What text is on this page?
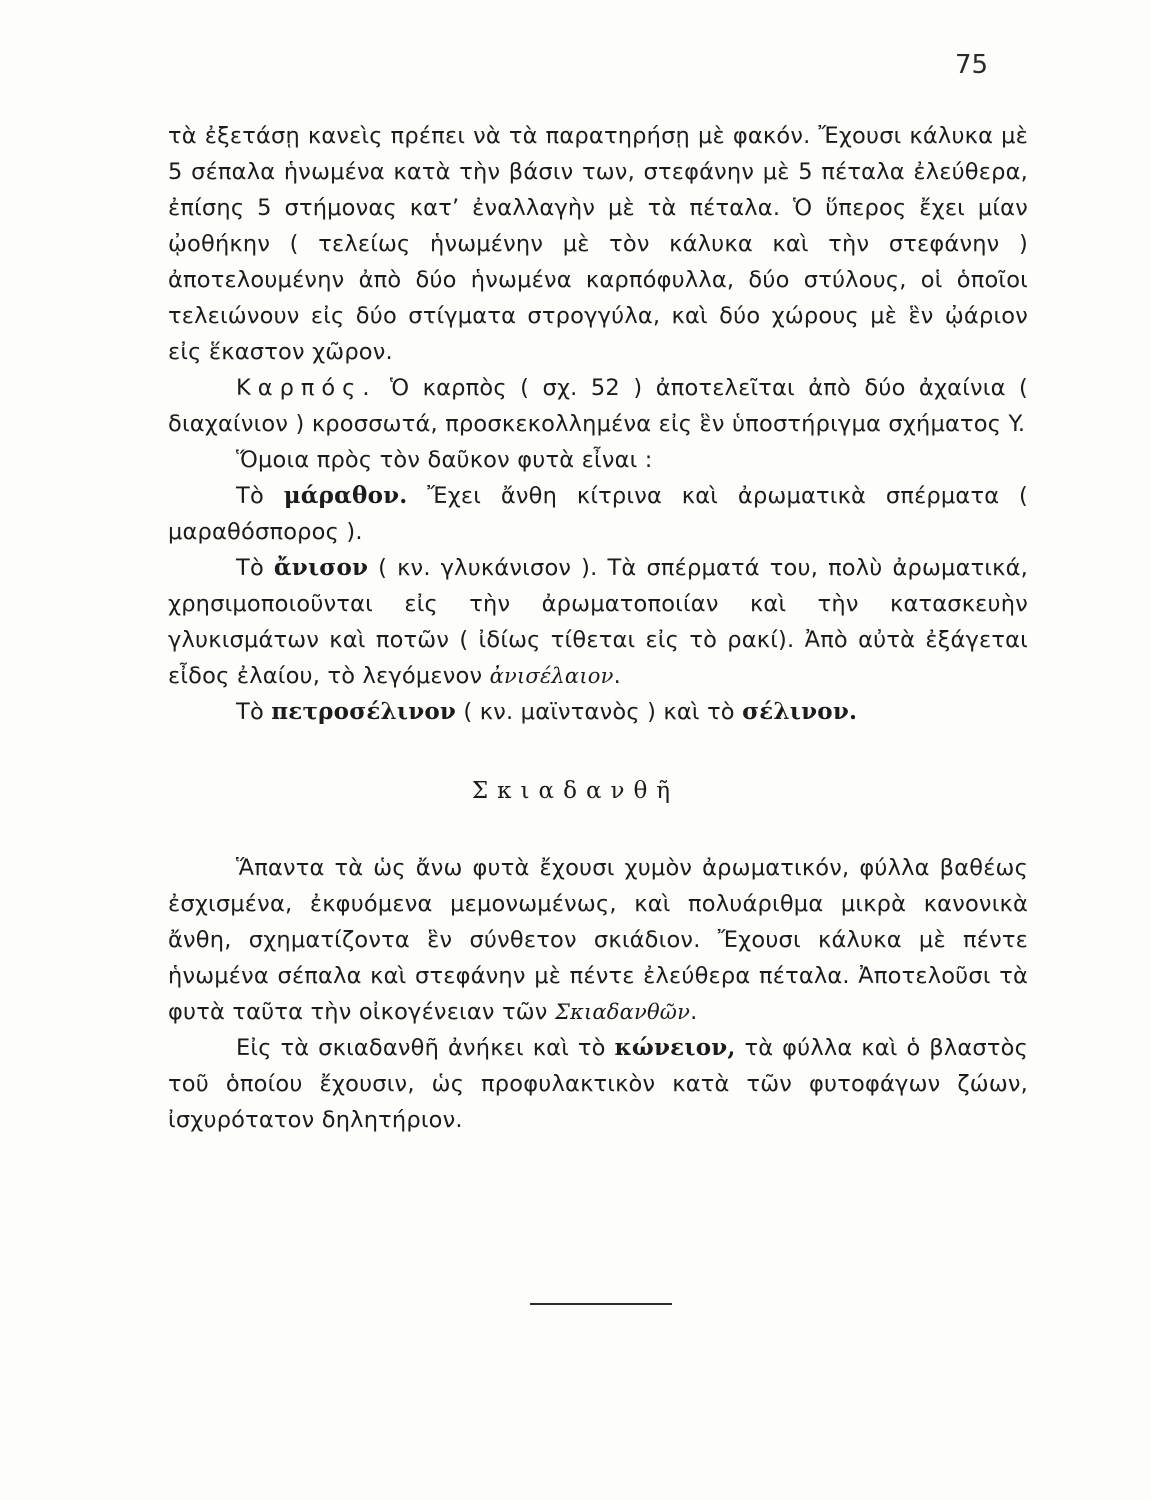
75

τὰ ἐξετάσῃ κανεὶς πρέπει νὰ τὰ παρατηρήσῃ μὲ φακόν. Ἔχουσι κάλυκα μὲ 5 σέπαλα ἡνωμένα κατὰ τὴν βάσιν των, στεφάνην μὲ 5 πέταλα ἐλεύθερα, ἐπίσης 5 στήμονας κατ’ ἐναλλαγὴν μὲ τὰ πέταλα. Ὁ ὕπερος ἔχει μίαν ᾠοθήκην ( τελείως ἡνωμένην μὲ τὸν κάλυκα καὶ τὴν στεφάνην ) ἀποτελουμένην ἀπὸ δύο ἡνωμένα καρπόφυλλα, δύο στύλους, οἱ ὁποῖοι τελειώνουν εἰς δύο στίγματα στρογγύλα, καὶ δύο χώρους μὲ ἓν ᾠάριον εἰς ἕκαστον χῶρον.

Καρπός. Ὁ καρπὸς ( σχ. 52 ) ἀποτελεῖται ἀπὸ δύο ἀχαίνια ( διαχαίνιον ) κροσσωτά, προσκεκολλημένα εἰς ἓν ὑποστήριγμα σχήματος Y.

Ὅμοια πρὸς τὸν δαῦκον φυτὰ εἶναι :

Τὸ μάραθον. Ἔχει ἄνθη κίτρινα καὶ ἀρωματικὰ σπέρματα ( μαραθόσπορος ).

Τὸ ἄνισον ( κν. γλυκάνισον ). Τὰ σπέρματά του, πολὺ ἀρωματικά, χρησιμοποιοῦνται εἰς τὴν ἀρωματοποιίαν καὶ τὴν κατασκευὴν γλυκισμάτων καὶ ποτῶν ( ἰδίως τίθεται εἰς τὸ ρακί). Ἀπὸ αὐτὰ ἐξάγεται εἶδος ἐλαίου, τὸ λεγόμενον ἀνισέλαιον.

Τὸ πετροσέλινον ( κν. μαϊντανὸς ) καὶ τὸ σέλινον.

Σκιαδανθῆ

Ἅπαντα τὰ ὡς ἄνω φυτὰ ἔχουσι χυμὸν ἀρωματικόν, φύλλα βαθέως ἐσχισμένα, ἐκφυόμενα μεμονωμένως, καὶ πολυάριθμα μικρὰ κανονικὰ ἄνθη, σχηματίζοντα ἓν σύνθετον σκιάδιον. Ἔχουσι κάλυκα μὲ πέντε ἡνωμένα σέπαλα καὶ στεφάνην μὲ πέντε ἐλεύθερα πέταλα. Ἀποτελοῦσι τὰ φυτὰ ταῦτα τὴν οἰκογένειαν τῶν Σκιαδανθῶν.

Εἰς τὰ σκιαδανθῆ ἀνήκει καὶ τὸ κώνειον, τὰ φύλλα καὶ ὁ βλαστὸς τοῦ ὁποίου ἔχουσιν, ὡς προφυλακτικὸν κατὰ τῶν φυτοφάγων ζώων, ἰσχυρότατον δηλητήριον.
